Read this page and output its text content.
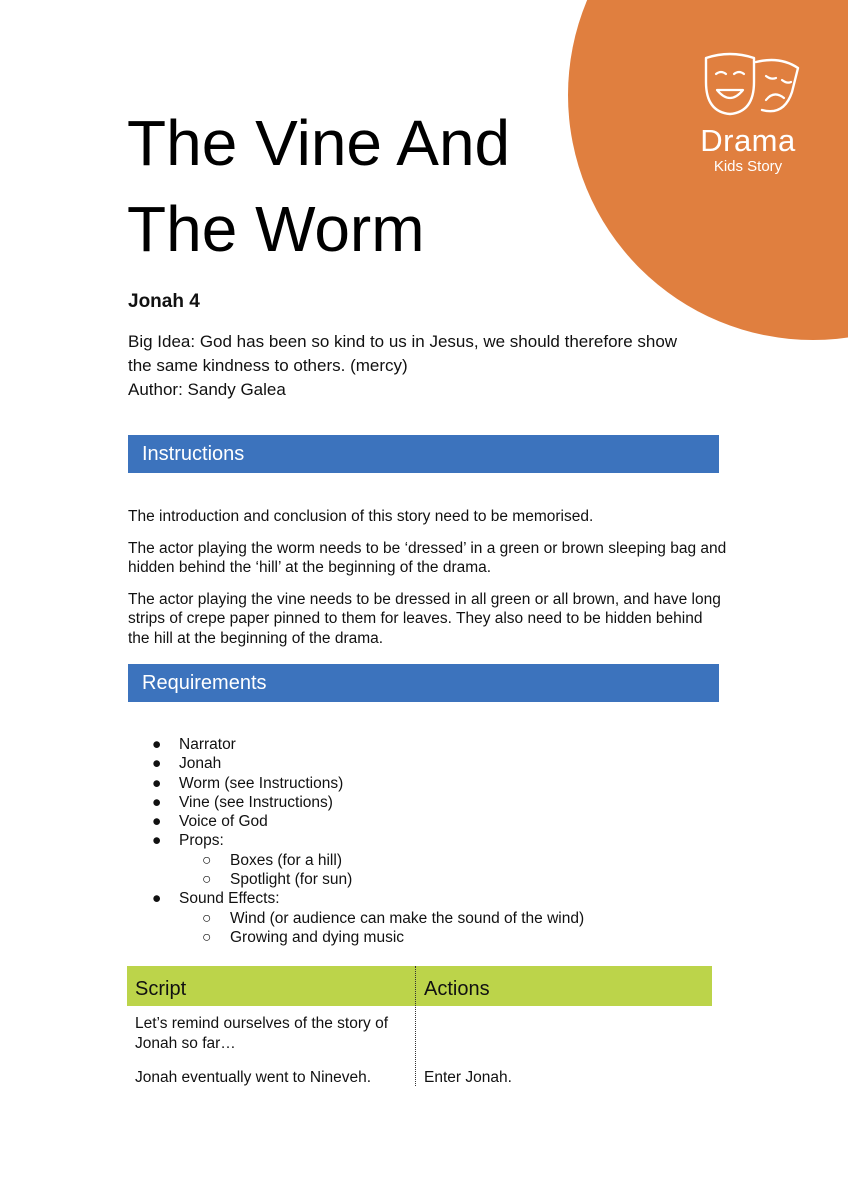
Drama
Kids Story
The Vine And
The Worm

Jonah 4

Big Idea: God has been so kind to us in Jesus, we should therefore show

the same kindness to others. (mercy)

Author: Sandy Galea

Instructions

The introduction and conclusion of this story need to be memorised.

The actor playing the worm needs to be ‘dressed’ in a green or brown sleeping bag and hidden behind the ‘hill’ at the beginning of the drama.

The actor playing the vine needs to be dressed in all green or all brown, and have long strips of crepe paper pinned to them for leaves. They also need to be hidden behind the hill at the beginning of the drama.

Requirements
● Narrator
● Jonah
● Worm (see Instructions)
● Vine (see Instructions)
● Voice of God
● Props:
○ Boxes (for a hill)
○ Spotlight (for sun)
● Sound Effects:
○ Wind (or audience can make the sound of the wind)
○ Growing and dying music
Script	Actions
Let’s remind ourselves of the story of Jonah so far…
Jonah eventually went to Nineveh.	Enter Jonah.
